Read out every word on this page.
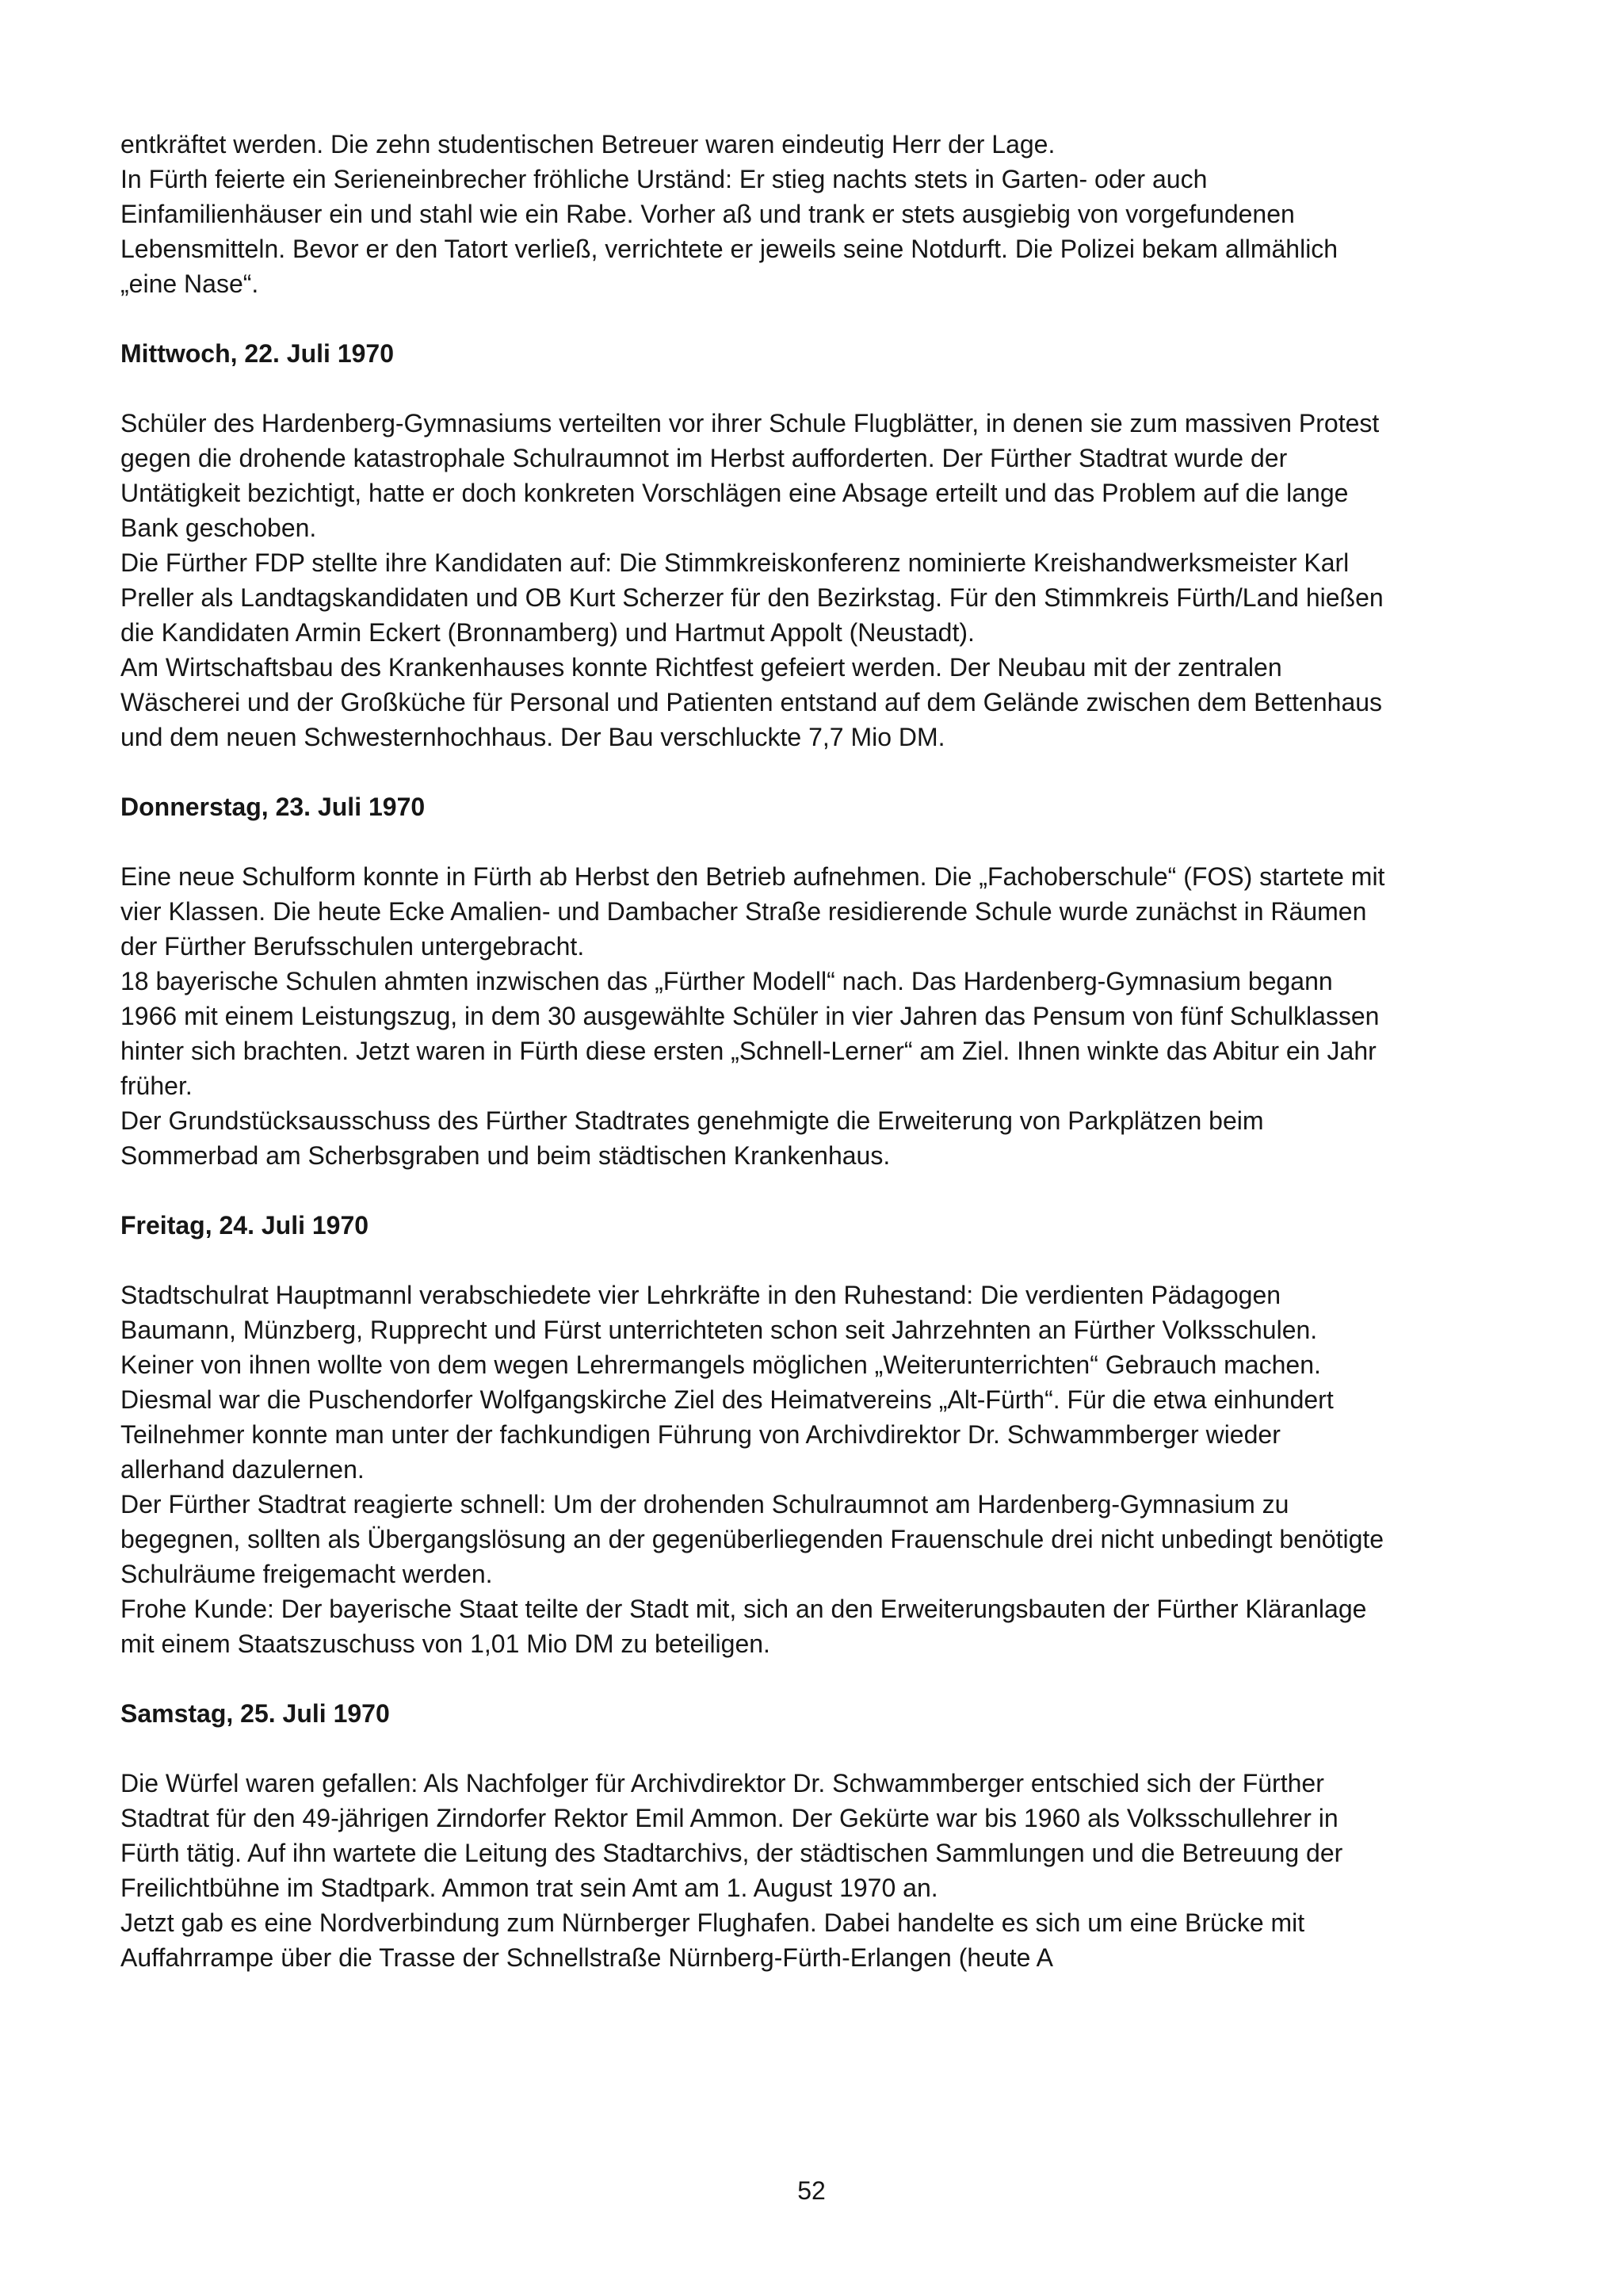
entkräftet werden. Die zehn studentischen Betreuer waren eindeutig Herr der Lage.

In Fürth feierte ein Serieneinbrecher fröhliche Urständ: Er stieg nachts stets in Garten- oder auch Einfamilienhäuser ein und stahl wie ein Rabe. Vorher aß und trank er stets ausgiebig von vorgefundenen Lebensmitteln. Bevor er den Tatort verließ, verrichtete er jeweils seine Notdurft. Die Polizei bekam allmählich „eine Nase“.

Mittwoch, 22. Juli 1970

Schüler des Hardenberg-Gymnasiums verteilten vor ihrer Schule Flugblätter, in denen sie zum massiven Protest gegen die drohende katastrophale Schulraumnot im Herbst aufforderten. Der Fürther Stadtrat wurde der Untätigkeit bezichtigt, hatte er doch konkreten Vorschlägen eine Absage erteilt und das Problem auf die lange Bank geschoben.

Die Fürther FDP stellte ihre Kandidaten auf: Die Stimmkreiskonferenz nominierte Kreishandwerksmeister Karl Preller als Landtagskandidaten und OB Kurt Scherzer für den Bezirkstag. Für den Stimmkreis Fürth/Land hießen die Kandidaten Armin Eckert (Bronnamberg) und Hartmut Appolt (Neustadt).

Am Wirtschaftsbau des Krankenhauses konnte Richtfest gefeiert werden. Der Neubau mit der zentralen Wäscherei und der Großküche für Personal und Patienten entstand auf dem Gelände zwischen dem Bettenhaus und dem neuen Schwesternhochhaus. Der Bau verschluckte 7,7 Mio DM.

Donnerstag, 23. Juli 1970

Eine neue Schulform konnte in Fürth ab Herbst den Betrieb aufnehmen. Die „Fachoberschule“ (FOS) startete mit vier Klassen. Die heute Ecke Amalien- und Dambacher Straße residierende Schule wurde zunächst in Räumen der Fürther Berufsschulen untergebracht.

18 bayerische Schulen ahmten inzwischen das „Fürther Modell“ nach. Das Hardenberg-Gymnasium begann 1966 mit einem Leistungszug, in dem 30 ausgewählte Schüler in vier Jahren das Pensum von fünf Schulklassen hinter sich brachten. Jetzt waren in Fürth diese ersten „Schnell-Lerner“ am Ziel. Ihnen winkte das Abitur ein Jahr früher.

Der Grundstücksausschuss des Fürther Stadtrates genehmigte die Erweiterung von Parkplätzen beim Sommerbad am Scherbsgraben und beim städtischen Krankenhaus.

Freitag, 24. Juli 1970

Stadtschulrat Hauptmannl verabschiedete vier Lehrkräfte in den Ruhestand: Die verdienten Pädagogen Baumann, Münzberg, Rupprecht und Fürst unterrichteten schon seit Jahrzehnten an Fürther Volksschulen. Keiner von ihnen wollte von dem wegen Lehrermangels möglichen „Weiterunterrichten“ Gebrauch machen.

Diesmal war die Puschendorfer Wolfgangskirche Ziel des Heimatvereins „Alt-Fürth“. Für die etwa einhundert Teilnehmer konnte man unter der fachkundigen Führung von Archivdirektor Dr. Schwammberger wieder allerhand dazulernen.

Der Fürther Stadtrat reagierte schnell: Um der drohenden Schulraumnot am Hardenberg-Gymnasium zu begegnen, sollten als Übergangslösung an der gegenüberliegenden Frauenschule drei nicht unbedingt benötigte Schulräume freigemacht werden.

Frohe Kunde: Der bayerische Staat teilte der Stadt mit, sich an den Erweiterungsbauten der Fürther Kläranlage mit einem Staatszuschuss von 1,01 Mio DM zu beteiligen.

Samstag, 25. Juli 1970

Die Würfel waren gefallen: Als Nachfolger für Archivdirektor Dr. Schwammberger entschied sich der Fürther Stadtrat für den 49-jährigen Zirndorfer Rektor Emil Ammon. Der Gekürte war bis 1960 als Volksschullehrer in Fürth tätig. Auf ihn wartete die Leitung des Stadtarchivs, der städtischen Sammlungen und die Betreuung der Freilichtbühne im Stadtpark. Ammon trat sein Amt am 1. August 1970 an.

Jetzt gab es eine Nordverbindung zum Nürnberger Flughafen. Dabei handelte es sich um eine Brücke mit Auffahrrampe über die Trasse der Schnellstraße Nürnberg-Fürth-Erlangen (heute A

52
